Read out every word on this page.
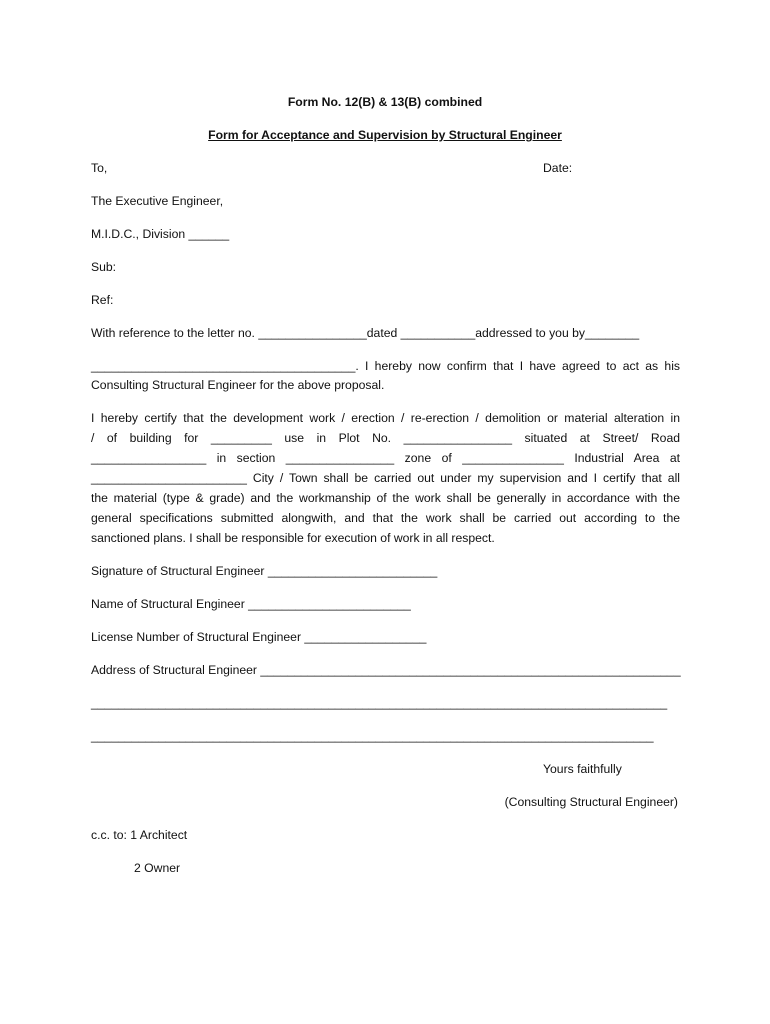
Form No. 12(B) & 13(B) combined
Form for Acceptance and Supervision by Structural Engineer
To,	Date:
The Executive Engineer,
M.I.D.C., Division ______
Sub:
Ref:
With reference to the letter no. ________________dated ___________addressed to you by________
_______________________________________. I hereby now confirm that I have agreed to act as his
Consulting Structural Engineer for the above proposal.
I hereby certify that the development work / erection / re-erection / demolition or material alteration in
/ of building for _________ use in Plot No. ________________ situated at Street/ Road
_________________ in section ________________ zone of _______________ Industrial Area at
_______________________ City / Town shall be carried out under my supervision and I certify that all
the material (type & grade) and the workmanship of the work shall be generally in accordance with the
general specifications submitted alongwith, and that the work shall be carried out according to the
sanctioned plans. I shall be responsible for execution of work in all respect.
Signature of Structural Engineer _________________________
Name of Structural Engineer ________________________
License Number of Structural Engineer __________________
Address of Structural Engineer ______________________________________________________________
_____________________________________________________________________________________
___________________________________________________________________________________
Yours faithfully
(Consulting Structural Engineer)
c.c. to: 1 Architect
2 Owner
